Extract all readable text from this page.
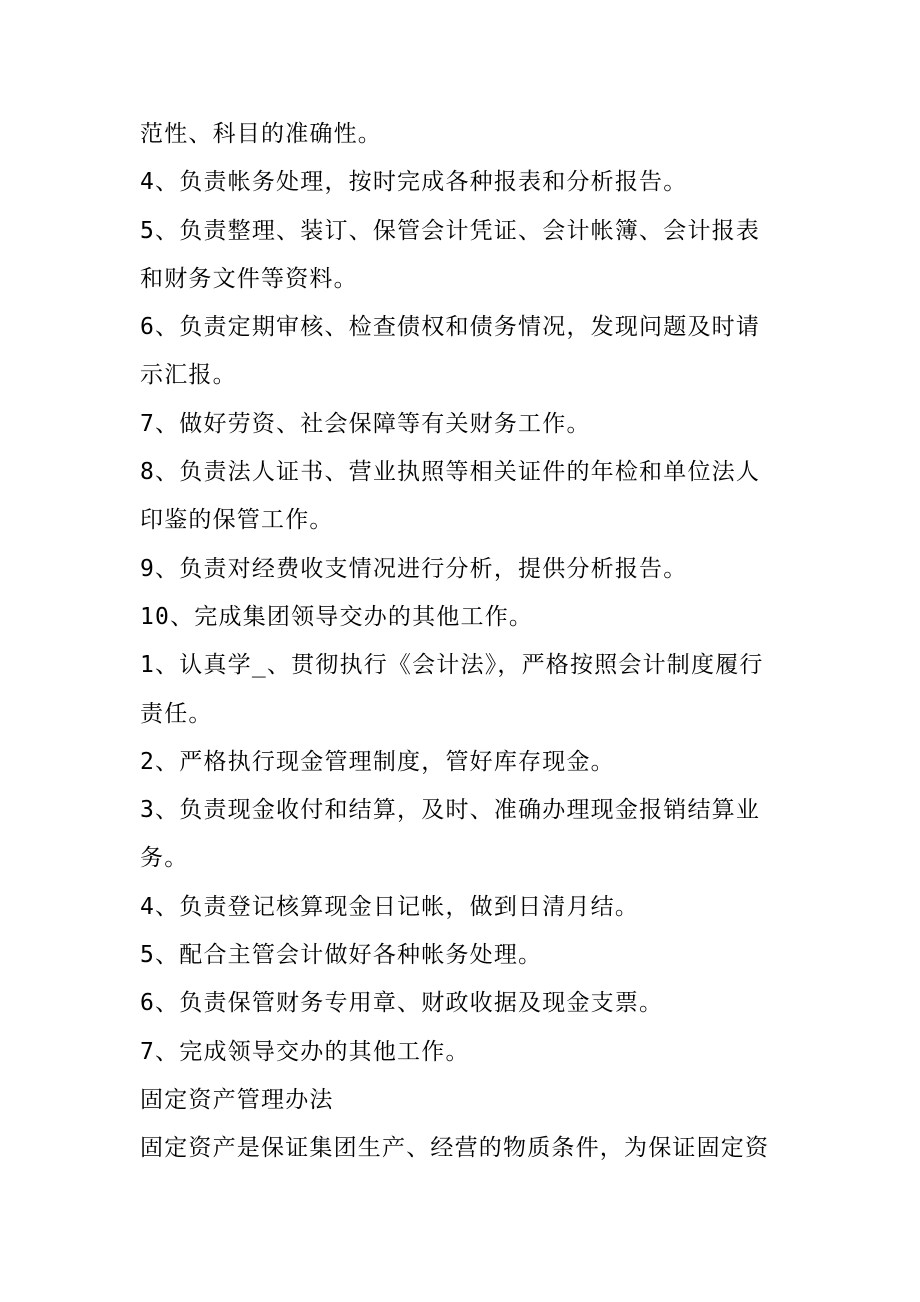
范性、科目的准确性。
4、负责帐务处理，按时完成各种报表和分析报告。
5、负责整理、装订、保管会计凭证、会计帐簿、会计报表
和财务文件等资料。
6、负责定期审核、检查债权和债务情况，发现问题及时请
示汇报。
7、做好劳资、社会保障等有关财务工作。
8、负责法人证书、营业执照等相关证件的年检和单位法人
印鉴的保管工作。
9、负责对经费收支情况进行分析，提供分析报告。
10、完成集团领导交办的其他工作。
1、认真学_、贯彻执行《会计法》，严格按照会计制度履行
责任。
2、严格执行现金管理制度，管好库存现金。
3、负责现金收付和结算，及时、准确办理现金报销结算业
务。
4、负责登记核算现金日记帐，做到日清月结。
5、配合主管会计做好各种帐务处理。
6、负责保管财务专用章、财政收据及现金支票。
7、完成领导交办的其他工作。
固定资产管理办法
固定资产是保证集团生产、经营的物质条件，为保证固定资
